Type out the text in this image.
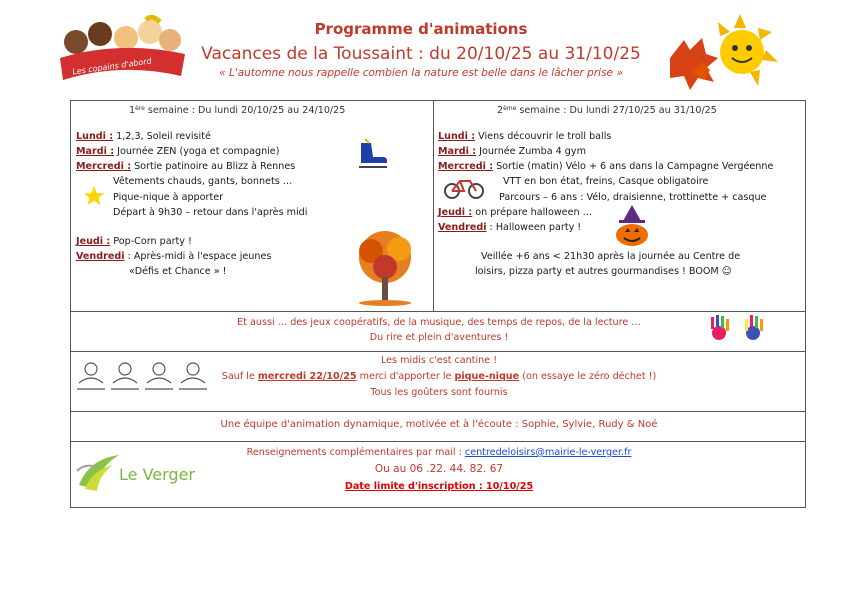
Les copains d'abord
Programme d'animations
Vacances de la Toussaint : du 20/10/25 au 31/10/25
« L'automne nous rappelle combien la nature est belle dans le lâcher prise »
1ère semaine : Du lundi 20/10/25 au 24/10/25	2ème semaine : Du lundi 27/10/25 au 31/10/25
Lundi : 1,2,3, Soleil revisité
Mardi : Journée ZEN (yoga et compagnie)
Mercredi : Sortie patinoire au Blizz à Rennes
Vêtements chauds, gants, bonnets …
Pique-nique à apporter
Départ à 9h30 – retour dans l'après midi
Jeudi : Pop-Corn party !
Vendredi : Après-midi à l'espace jeunes
«Défis et Chance » !
Lundi : Viens découvrir le troll balls
Mardi : Journée Zumba 4 gym
Mercredi : Sortie (matin) Vélo + 6 ans dans la Campagne Vergéenne
VTT en bon état, freins, Casque obligatoire
Parcours – 6 ans : Vélo, draisienne, trottinette + casque
Jeudi : on prépare halloween …
Vendredi : Halloween party !
Veillée +6 ans < 21h30 après la journée au Centre de
loisirs, pizza party et autres gourmandises ! BOOM ☺
Et aussi … des jeux coopératifs, de la musique, des temps de repos, de la lecture …
Du rire et plein d'aventures !
Les midis c'est cantine !
Sauf le mercredi 22/10/25 merci d'apporter le pique-nique (on essaye le zéro déchet !)
Tous les goûters sont fournis
Une équipe d'animation dynamique, motivée et à l'écoute : Sophie, Sylvie, Rudy & Noé
Renseignements complémentaires par mail : centredeloisirs@mairie-le-verger.fr
Ou au 06 .22. 44. 82. 67
Date limite d'inscription : 10/10/25
Le Verger
